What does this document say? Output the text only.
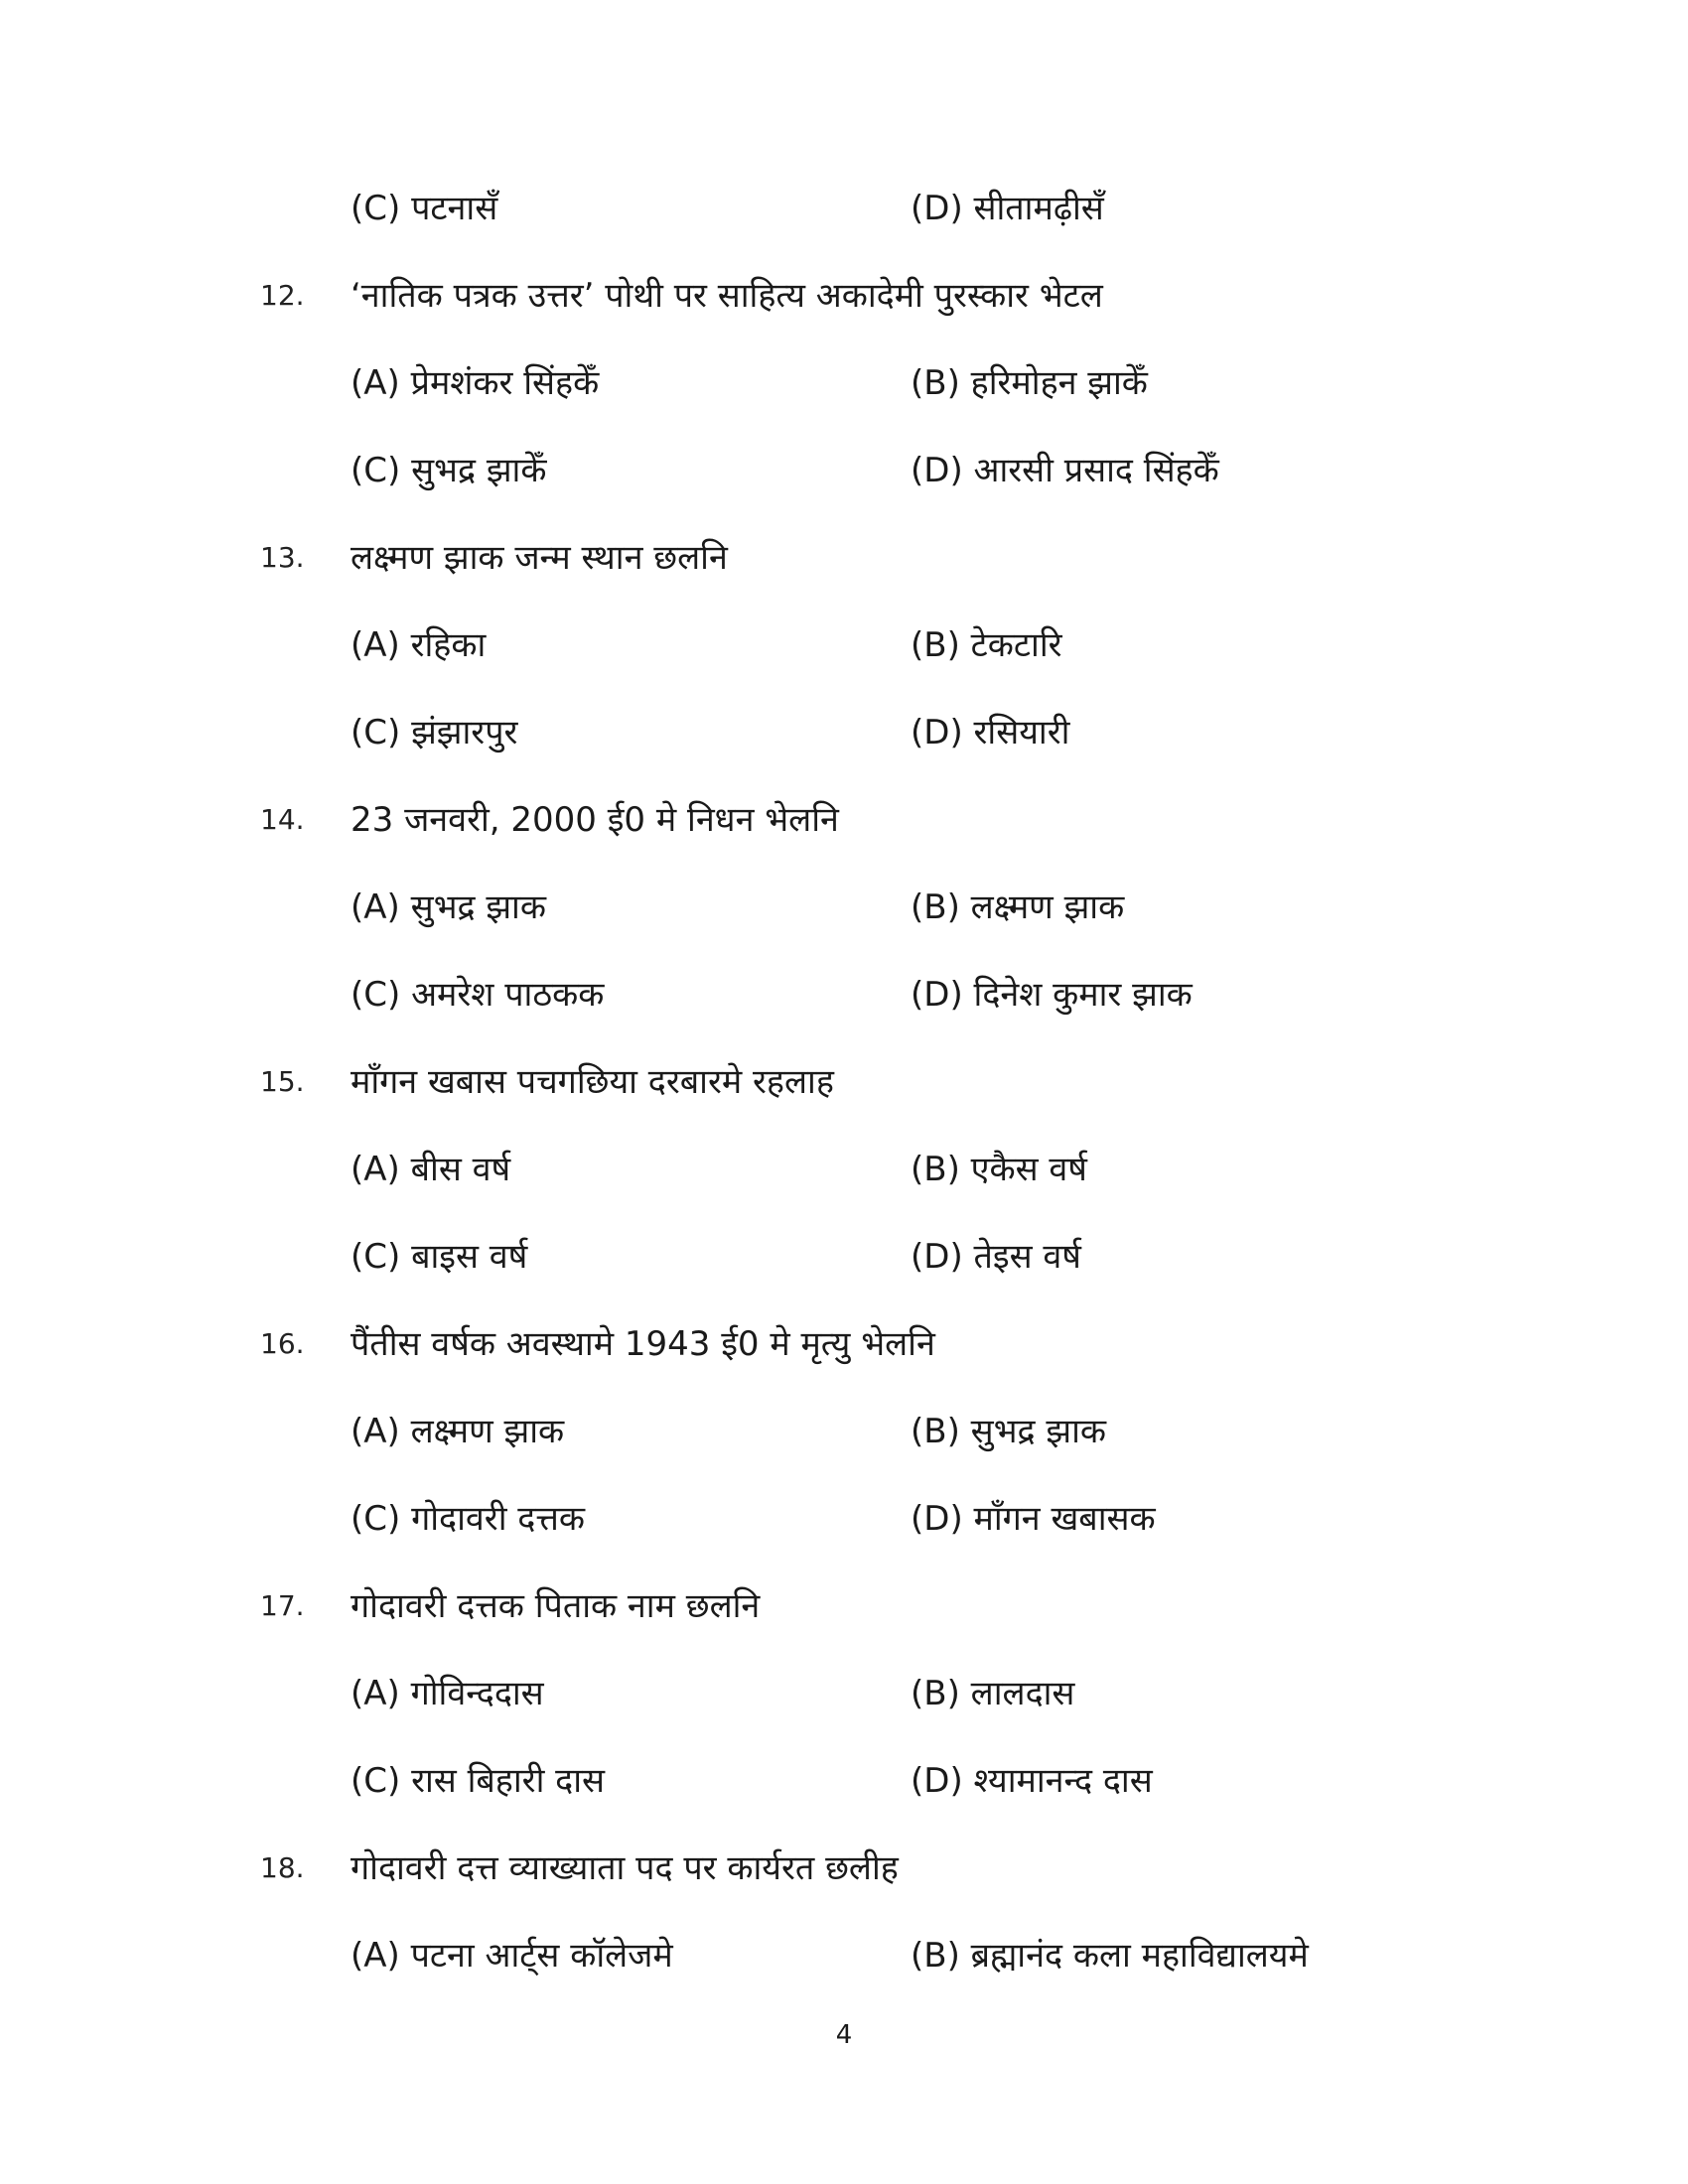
(C) पटनासँ	(D) सीतामढ़ीसँ
12. ‘नातिक पत्रक उत्तर’ पोथी पर साहित्य अकादेमी पुरस्कार भेटल
(A) प्रेमशंकर सिंहकेँ	(B) हरिमोहन झाकेँ
(C) सुभद्र झाकेँ	(D) आरसी प्रसाद सिंहकेँ
13. लक्ष्मण झाक जन्म स्थान छलनि
(A) रहिका	(B) टेकटारि
(C) झंझारपुर	(D) रसियारी
14. 23 जनवरी, 2000 ई0 मे निधन भेलनि
(A) सुभद्र झाक	(B) लक्ष्मण झाक
(C) अमरेश पाठकक	(D) दिनेश कुमार झाक
15. माँगन खबास पचगछिया दरबारमे रहलाह
(A) बीस वर्ष	(B) एकैस वर्ष
(C) बाइस वर्ष	(D) तेइस वर्ष
16. पैंतीस वर्षक अवस्थामे 1943 ई0 मे मृत्यु भेलनि
(A) लक्ष्मण झाक	(B) सुभद्र झाक
(C) गोदावरी दत्तक	(D) माँगन खबासक
17. गोदावरी दत्तक पिताक नाम छलनि
(A) गोविन्ददास	(B) लालदास
(C) रास बिहारी दास	(D) श्यामानन्द दास
18. गोदावरी दत्त व्याख्याता पद पर कार्यरत छलीह
(A) पटना आर्ट्स कॉलेजमे	(B) ब्रह्मानंद कला महाविद्यालयमे
4
